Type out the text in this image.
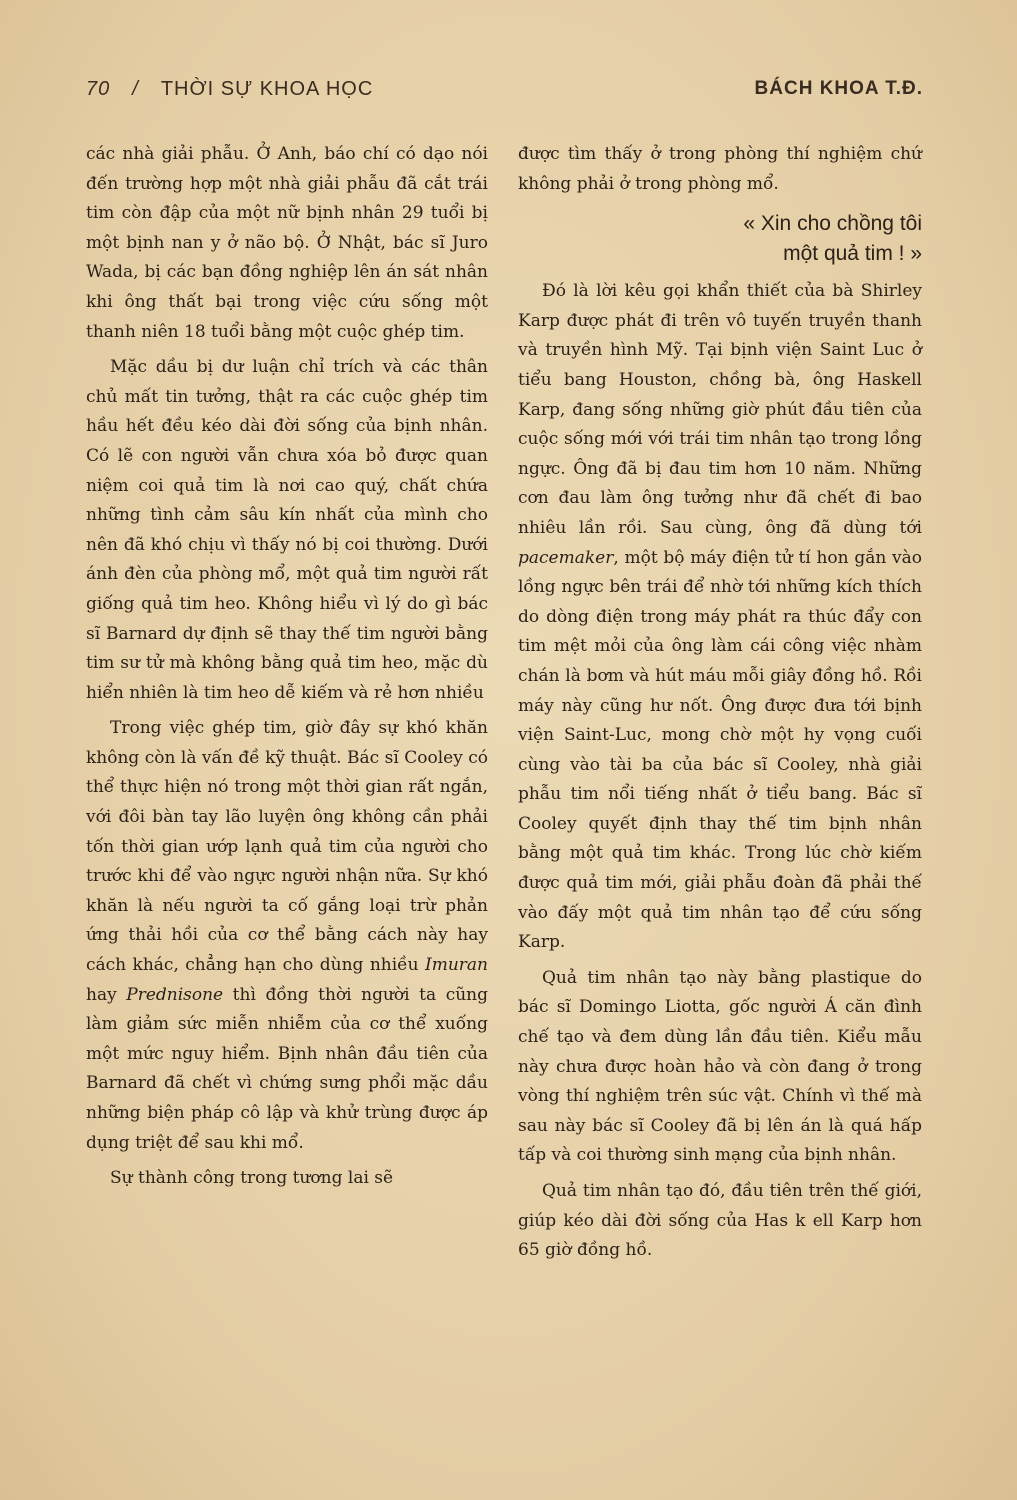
70 / THỜI SỰ KHOA HỌC	BÁCH KHOA T.Đ.

các nhà giải phẫu. Ở Anh, báo chí có dạo nói đến trường hợp một nhà giải phẫu đã cắt trái tim còn đập của một nữ bịnh nhân 29 tuổi bị một bịnh nan y ở não bộ. Ở Nhật, bác sĩ Juro Wada, bị các bạn đồng nghiệp lên án sát nhân khi ông thất bại trong việc cứu sống một thanh niên 18 tuổi bằng một cuộc ghép tim.

Mặc dầu bị dư luận chỉ trích và các thân chủ mất tin tưởng, thật ra các cuộc ghép tim hầu hết đều kéo dài đời sống của bịnh nhân. Có lẽ con người vẫn chưa xóa bỏ được quan niệm coi quả tim là nơi cao quý, chất chứa những tình cảm sâu kín nhất của mình cho nên đã khó chịu vì thấy nó bị coi thường. Dưới ánh đèn của phòng mổ, một quả tim người rất giống quả tim heo. Không hiểu vì lý do gì bác sĩ Barnard dự định sẽ thay thế tim người bằng tim sư tử mà không bằng quả tim heo, mặc dù hiển nhiên là tim heo dễ kiếm và rẻ hơn nhiều

Trong việc ghép tim, giờ đây sự khó khăn không còn là vấn đề kỹ thuật. Bác sĩ Cooley có thể thực hiện nó trong một thời gian rất ngắn, với đôi bàn tay lão luyện ông không cần phải tốn thời gian ướp lạnh quả tim của người cho trước khi để vào ngực người nhận nữa. Sự khó khăn là nếu người ta cố gắng loại trừ phản ứng thải hồi của cơ thể bằng cách này hay cách khác, chẳng hạn cho dùng nhiều Imuran hay Prednisone thì đồng thời người ta cũng làm giảm sức miễn nhiễm của cơ thể xuống một mức nguy hiểm. Bịnh nhân đầu tiên của Barnard đã chết vì chứng sưng phổi mặc dầu những biện pháp cô lập và khử trùng được áp dụng triệt để sau khi mổ.

Sự thành công trong tương lai sẽ

được tìm thấy ở trong phòng thí nghiệm chứ không phải ở trong phòng mổ.

« Xin cho chồng tôi
một quả tim ! »

Đó là lời kêu gọi khẩn thiết của bà Shirley Karp được phát đi trên vô tuyến truyền thanh và truyền hình Mỹ. Tại bịnh viện Saint Luc ở tiểu bang Houston, chồng bà, ông Haskell Karp, đang sống những giờ phút đầu tiên của cuộc sống mới với trái tim nhân tạo trong lồng ngực. Ông đã bị đau tim hơn 10 năm. Những cơn đau làm ông tưởng như đã chết đi bao nhiêu lần rồi. Sau cùng, ông đã dùng tới pacemaker, một bộ máy điện tử tí hon gắn vào lồng ngực bên trái để nhờ tới những kích thích do dòng điện trong máy phát ra thúc đẩy con tim mệt mỏi của ông làm cái công việc nhàm chán là bơm và hút máu mỗi giây đồng hồ. Rồi máy này cũng hư nốt. Ông được đưa tới bịnh viện Saint-Luc, mong chờ một hy vọng cuối cùng vào tài ba của bác sĩ Cooley, nhà giải phẫu tim nổi tiếng nhất ở tiểu bang. Bác sĩ Cooley quyết định thay thế tim bịnh nhân bằng một quả tim khác. Trong lúc chờ kiếm được quả tim mới, giải phẫu đoàn đã phải thế vào đấy một quả tim nhân tạo để cứu sống Karp.

Quả tim nhân tạo này bằng plastique do bác sĩ Domingo Liotta, gốc người Á căn đình chế tạo và đem dùng lần đầu tiên. Kiểu mẫu này chưa được hoàn hảo và còn đang ở trong vòng thí nghiệm trên súc vật. Chính vì thế mà sau này bác sĩ Cooley đã bị lên án là quá hấp tấp và coi thường sinh mạng của bịnh nhân.

Quả tim nhân tạo đó, đầu tiên trên thế giới, giúp kéo dài đời sống của Has k ell Karp hơn 65 giờ đồng hồ.
